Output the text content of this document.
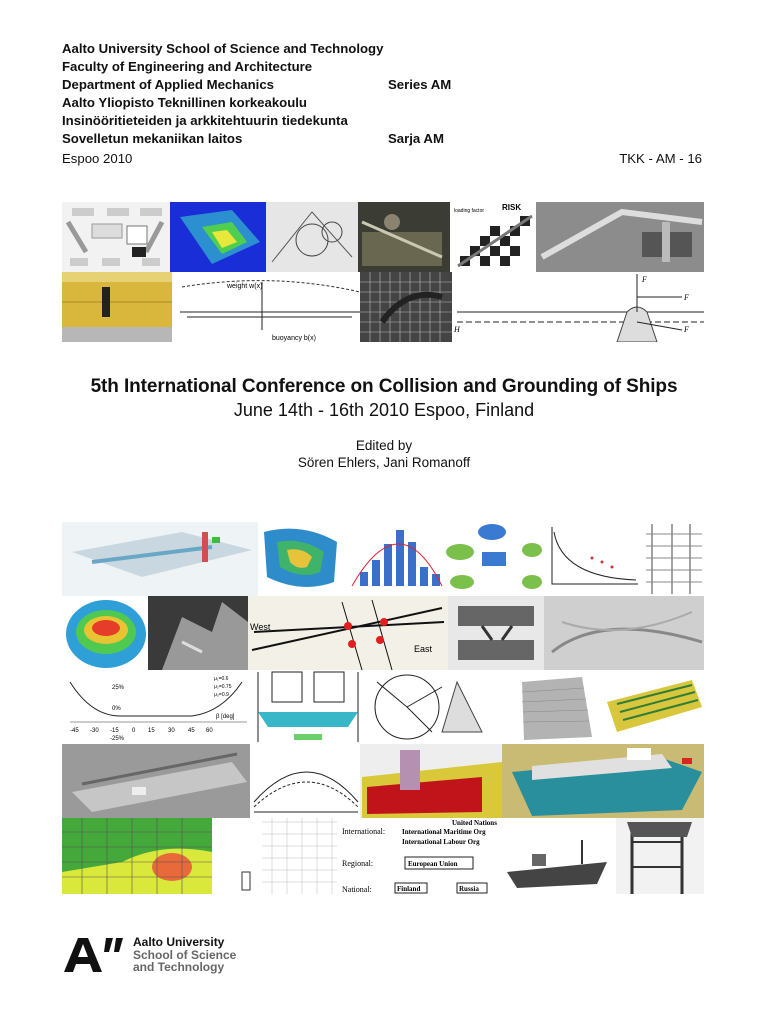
Aalto University School of Science and Technology
Faculty of Engineering and Architecture
Department of Applied Mechanics	Series AM
Aalto Yliopisto Teknillinen korkeakoulu
Insinööritieteiden ja arkkitehtuurin tiedekunta
Sovelletun mekaniikan laitos	Sarja AM
Espoo 2010	TKK - AM - 16
RISK
loading factor
weight w(x)
buoyancy b(x)
F
F
F
H
5th International Conference on Collision and Grounding of Ships
June 14th - 16th 2010 Espoo, Finland
Edited by
Sören Ehlers, Jani Romanoff
West
East
25%
0%
-25%
-45 -30 -15 0 15 30 45 60
β [deg]
μ₁=0.6
μ₂=0.75
μ₃=0.9
International:
Regional:
National:
United Nations
International Maritime Org
International Labour Org
European Union
Finland	Russia
Aalto University
School of Science
and Technology
